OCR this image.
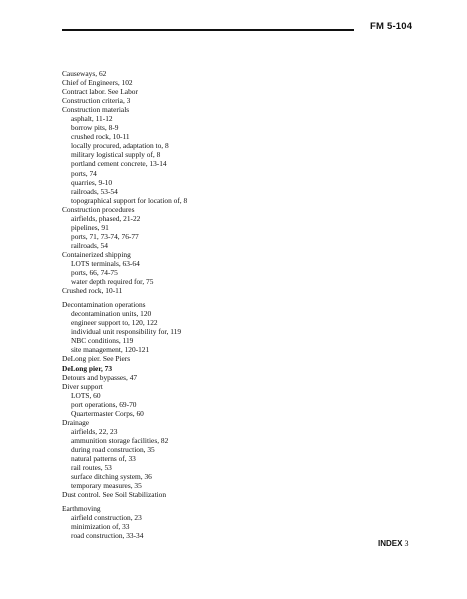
FM 5-104
Causeways, 62
Chief of Engineers, 102
Contract labor. See Labor
Construction criteria, 3
Construction materials
asphalt, 11-12
borrow pits, 8-9
crushed rock, 10-11
locally procured, adaptation to, 8
military logistical supply of, 8
portland cement concrete, 13-14
ports, 74
quarries, 9-10
railroads, 53-54
topographical support for location of, 8
Construction procedures
airfields, phased, 21-22
pipelines, 91
ports, 71, 73-74, 76-77
railroads, 54
Containerized shipping
LOTS terminals, 63-64
ports, 66, 74-75
water depth required for, 75
Crushed rock, 10-11
Decontamination operations
decontamination units, 120
engineer support to, 120, 122
individual unit responsibility for, 119
NBC conditions, 119
site management, 120-121
DeLong pier. See Piers
DeLong pier, 73
Detours and bypasses, 47
Diver support
LOTS, 60
port operations, 69-70
Quartermaster Corps, 60
Drainage
airfields, 22, 23
ammunition storage facilities, 82
during road construction, 35
natural patterns of, 33
rail routes, 53
surface ditching system, 36
temporary measures, 35
Dust control. See Soil Stabilization
Earthmoving
airfield construction, 23
minimization of, 33
road construction, 33-34
INDEX 3
